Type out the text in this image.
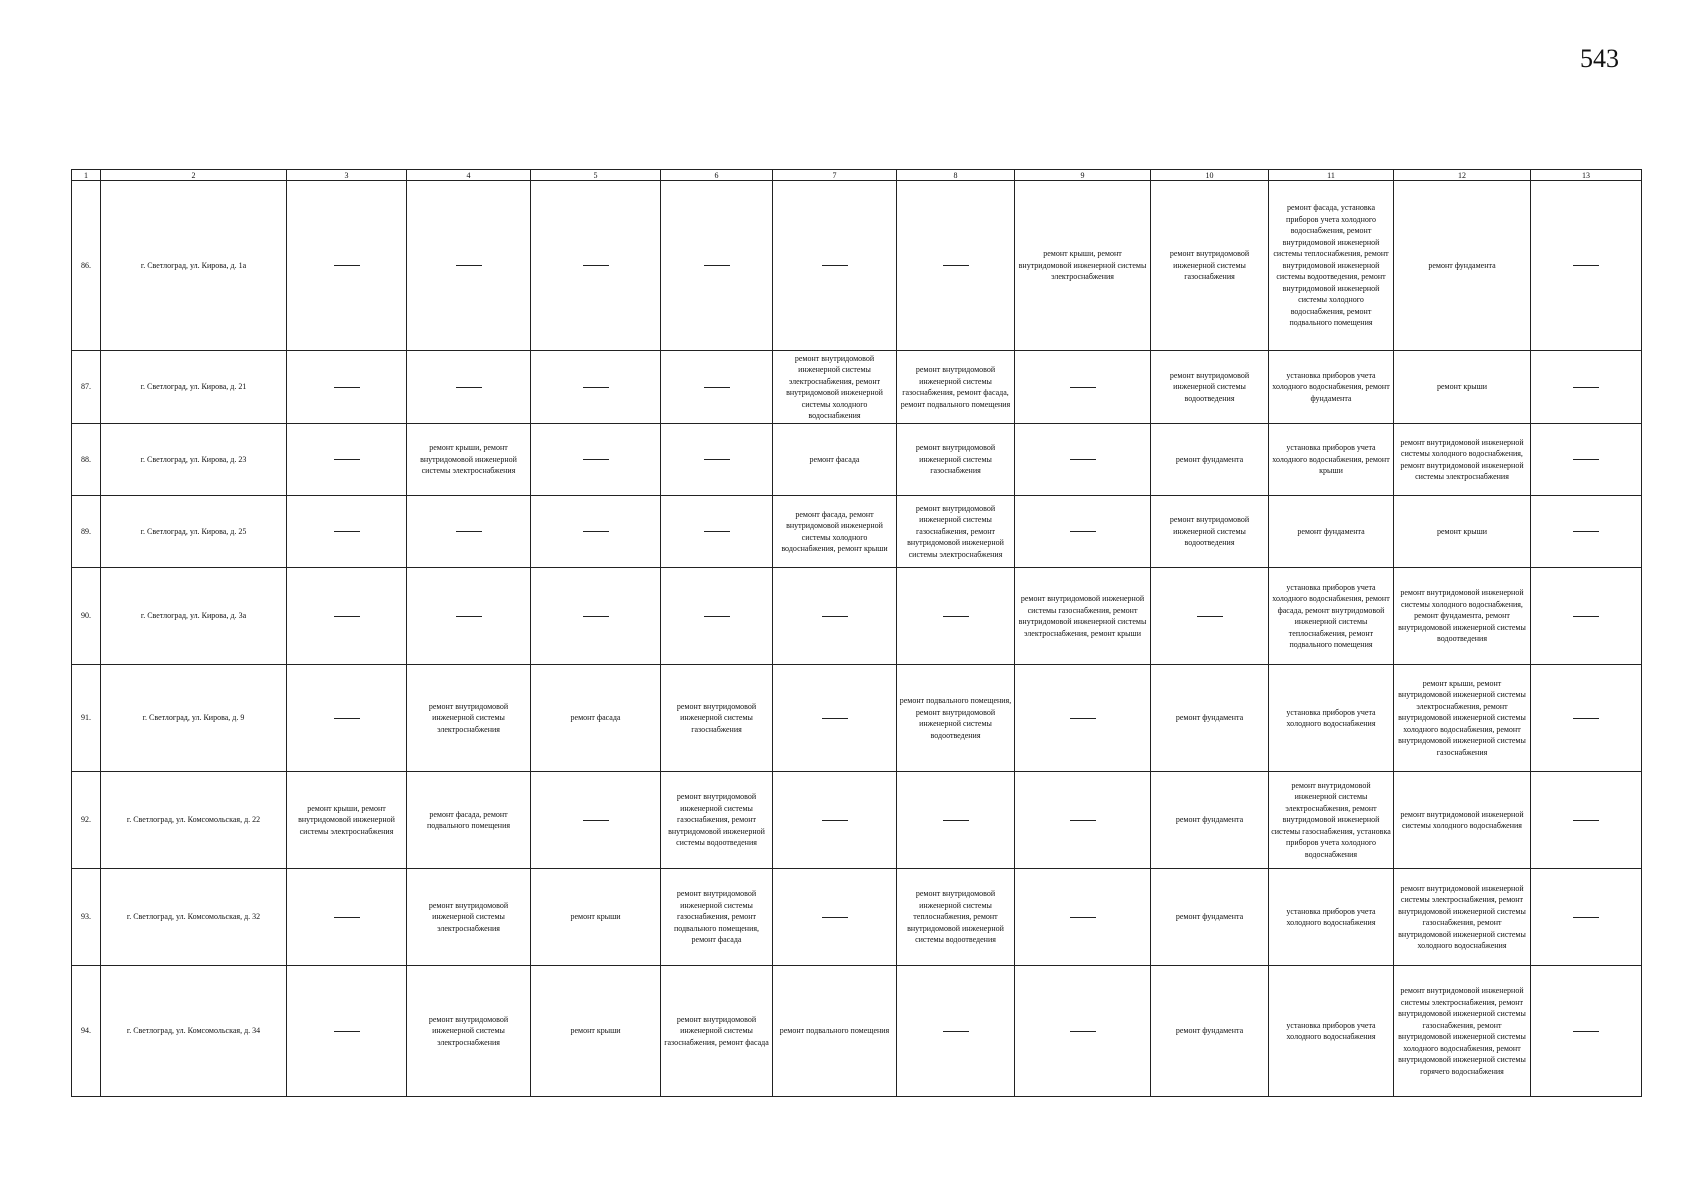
543
1	2	3	4	5	6	7	8	9	10	11	12	13
86.	г. Светлоград, ул. Кирова, д. 1а							ремонт крыши, ремонт внутридомовой инженерной системы электроснабжения	ремонт внутридомовой инженерной системы газоснабжения	ремонт фасада, установка приборов учета холодного водоснабжения, ремонт внутридомовой инженерной системы теплоснабжения, ремонт внутридомовой инженерной системы водоотведения, ремонт внутридомовой инженерной системы холодного водоснабжения, ремонт подвального помещения	ремонт фундамента	
87.	г. Светлоград, ул. Кирова, д. 21					ремонт внутридомовой инженерной системы электроснабжения, ремонт внутридомовой инженерной системы холодного водоснабжения	ремонт внутридомовой инженерной системы газоснабжения, ремонт фасада, ремонт подвального помещения		ремонт внутридомовой инженерной системы водоотведения	установка приборов учета холодного водоснабжения, ремонт фундамента	ремонт крыши	
88.	г. Светлоград, ул. Кирова, д. 23		ремонт крыши, ремонт внутридомовой инженерной системы электроснабжения			ремонт фасада	ремонт внутридомовой инженерной системы газоснабжения		ремонт фундамента	установка приборов учета холодного водоснабжения, ремонт крыши	ремонт внутридомовой инженерной системы холодного водоснабжения, ремонт внутридомовой инженерной системы электроснабжения	
89.	г. Светлоград, ул. Кирова, д. 25					ремонт фасада, ремонт внутридомовой инженерной системы холодного водоснабжения, ремонт крыши	ремонт внутридомовой инженерной системы газоснабжения, ремонт внутридомовой инженерной системы электроснабжения		ремонт внутридомовой инженерной системы водоотведения	ремонт фундамента	ремонт крыши	
90.	г. Светлоград, ул. Кирова, д. 3а							ремонт внутридомовой инженерной системы газоснабжения, ремонт внутридомовой инженерной системы электроснабжения, ремонт крыши		установка приборов учета холодного водоснабжения, ремонт фасада, ремонт внутридомовой инженерной системы теплоснабжения, ремонт подвального помещения	ремонт внутридомовой инженерной системы холодного водоснабжения, ремонт фундамента, ремонт внутридомовой инженерной системы водоотведения	
91.	г. Светлоград, ул. Кирова, д. 9		ремонт внутридомовой инженерной системы электроснабжения	ремонт фасада	ремонт внутридомовой инженерной системы газоснабжения		ремонт подвального помещения, ремонт внутридомовой инженерной системы водоотведения		ремонт фундамента	установка приборов учета холодного водоснабжения	ремонт крыши, ремонт внутридомовой инженерной системы электроснабжения, ремонт внутридомовой инженерной системы холодного водоснабжения, ремонт внутридомовой инженерной системы газоснабжения	
92.	г. Светлоград, ул. Комсомольская, д. 22	ремонт крыши, ремонт внутридомовой инженерной системы электроснабжения	ремонт фасада, ремонт подвального помещения		ремонт внутридомовой инженерной системы газоснабжения, ремонт внутридомовой инженерной системы водоотведения				ремонт фундамента	ремонт внутридомовой инженерной системы электроснабжения, ремонт внутридомовой инженерной системы газоснабжения, установка приборов учета холодного водоснабжения	ремонт внутридомовой инженерной системы холодного водоснабжения	
93.	г. Светлоград, ул. Комсомольская, д. 32		ремонт внутридомовой инженерной системы электроснабжения	ремонт крыши	ремонт внутридомовой инженерной системы газоснабжения, ремонт подвального помещения, ремонт фасада		ремонт внутридомовой инженерной системы теплоснабжения, ремонт внутридомовой инженерной системы водоотведения		ремонт фундамента	установка приборов учета холодного водоснабжения	ремонт внутридомовой инженерной системы электроснабжения, ремонт внутридомовой инженерной системы газоснабжения, ремонт внутридомовой инженерной системы холодного водоснабжения	
94.	г. Светлоград, ул. Комсомольская, д. 34		ремонт внутридомовой инженерной системы электроснабжения	ремонт крыши	ремонт внутридомовой инженерной системы газоснабжения, ремонт фасада	ремонт подвального помещения			ремонт фундамента	установка приборов учета холодного водоснабжения	ремонт внутридомовой инженерной системы электроснабжения, ремонт внутридомовой инженерной системы газоснабжения, ремонт внутридомовой инженерной системы холодного водоснабжения, ремонт внутридомовой инженерной системы горячего водоснабжения	
